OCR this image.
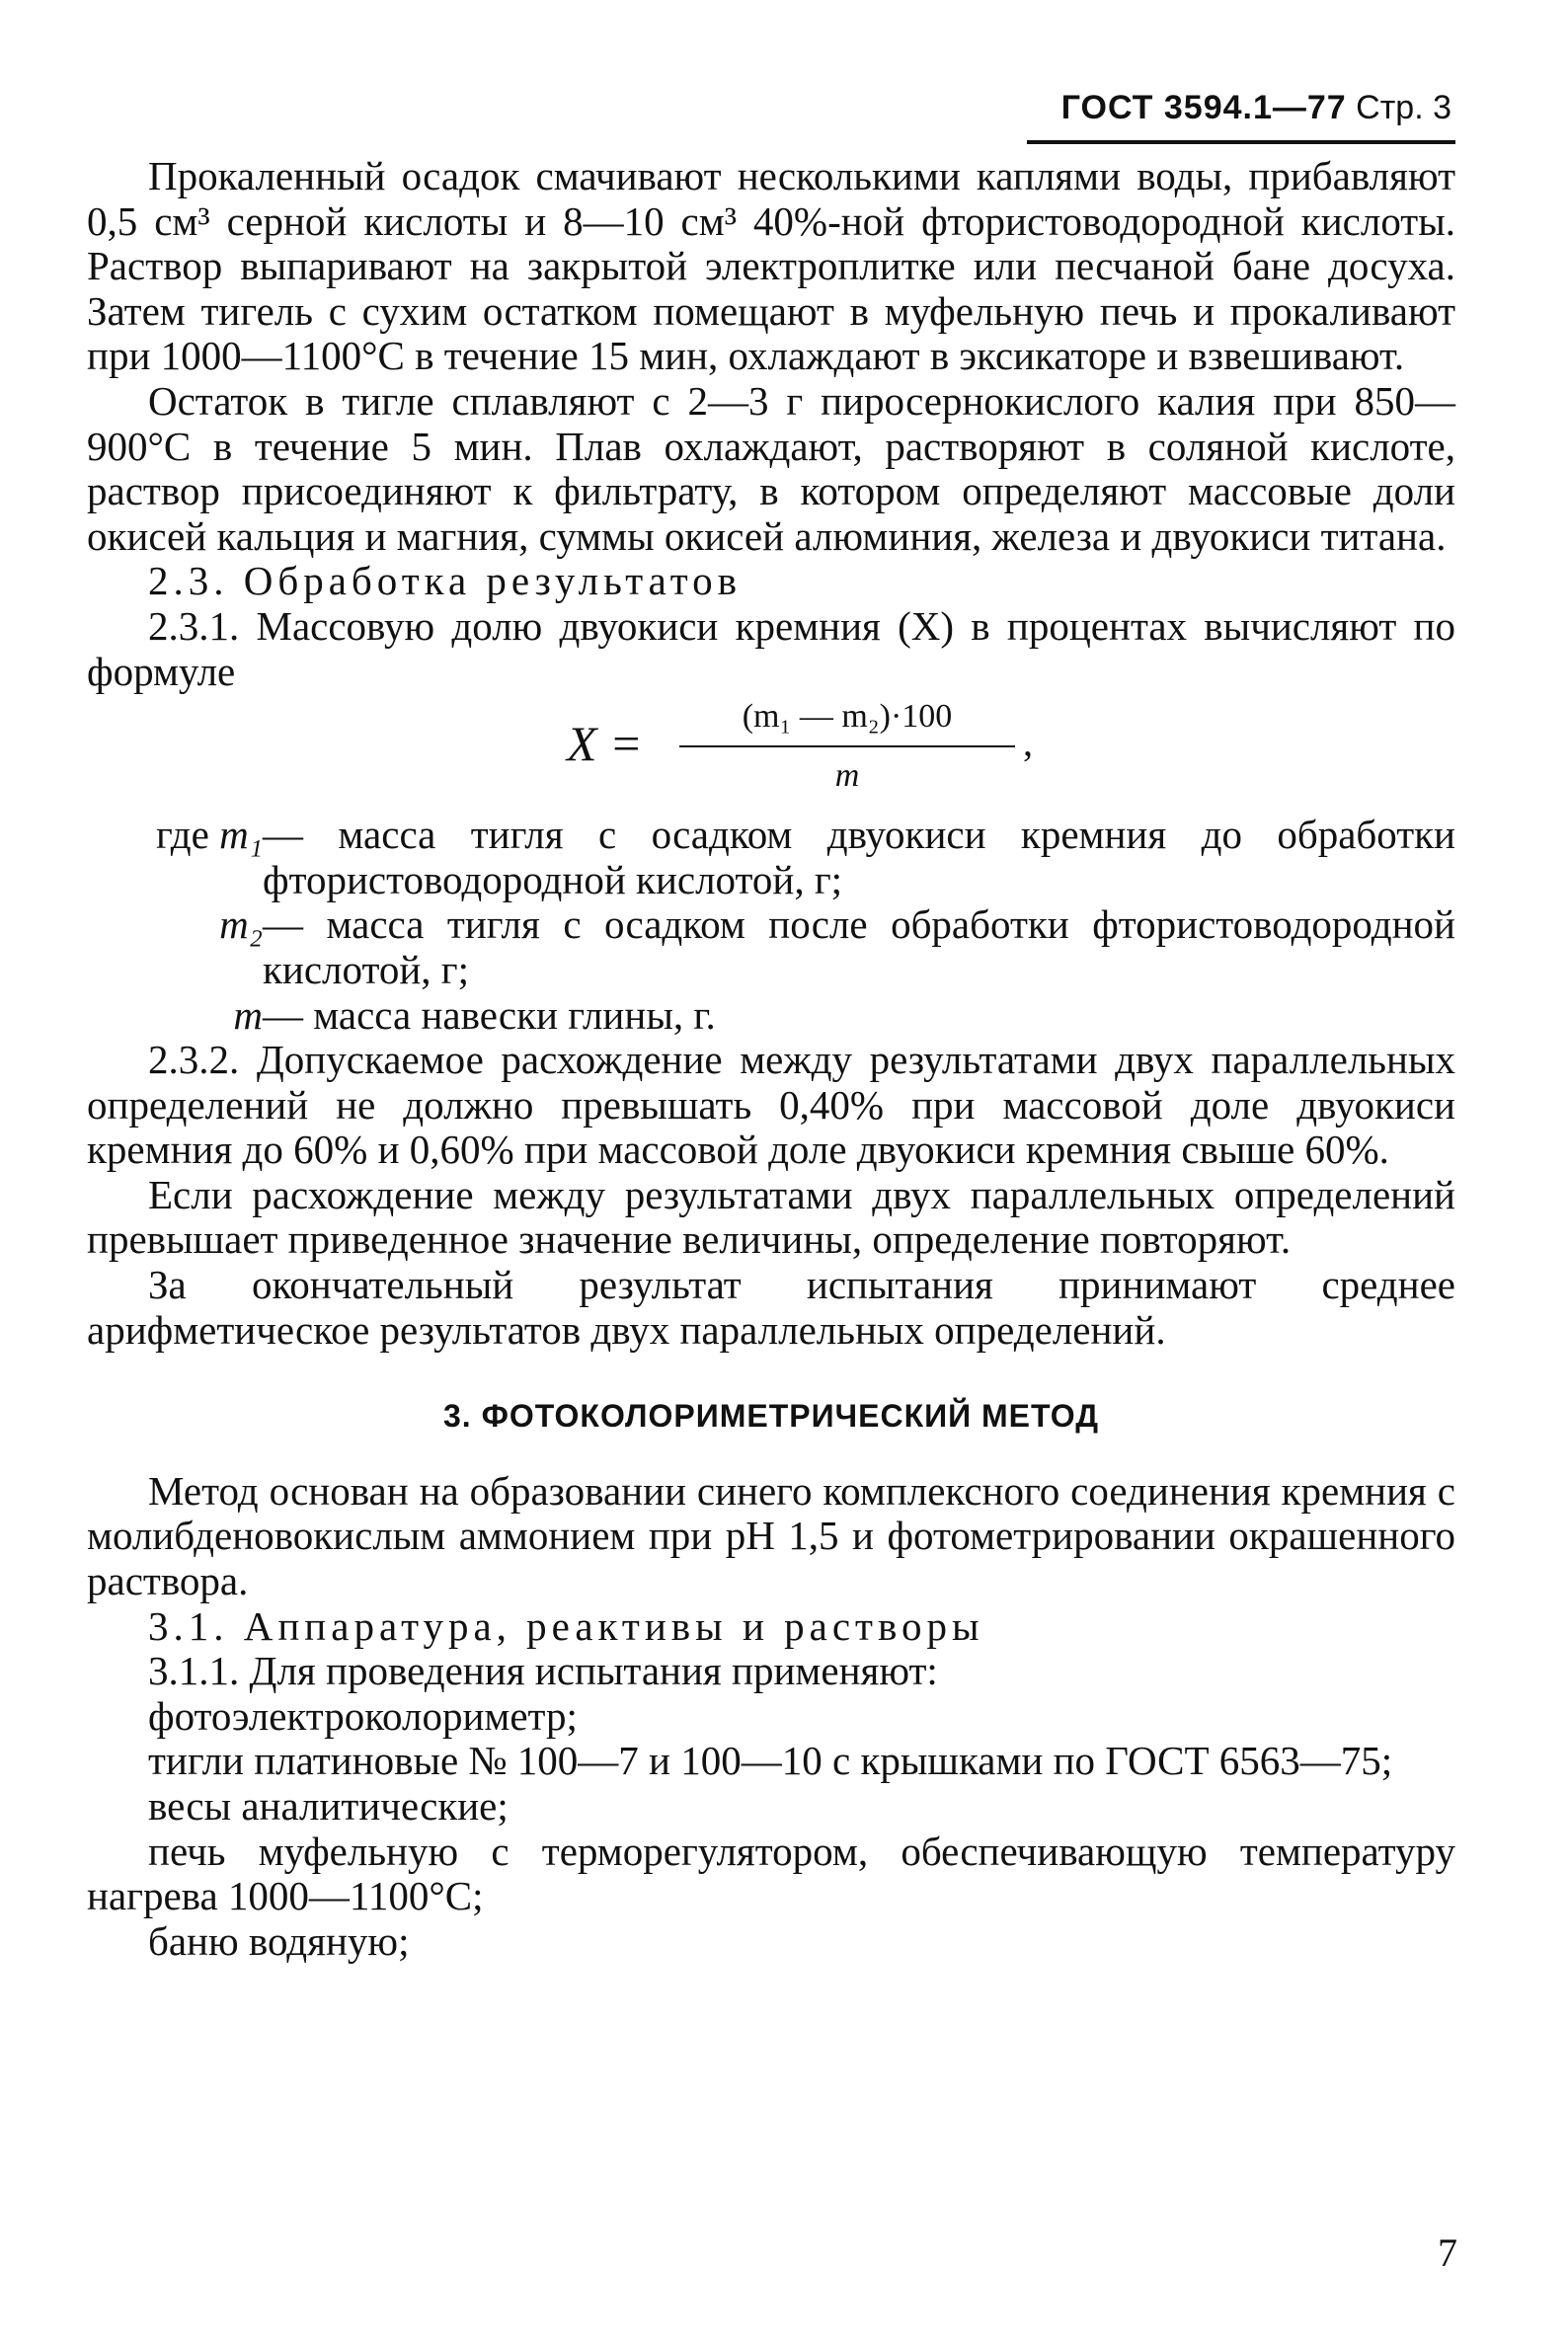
ГОСТ 3594.1—77 Стр. 3

Прокаленный осадок смачивают несколькими каплями воды, прибавляют 0,5 см³ серной кислоты и 8—10 см³ 40%-ной фтористоводородной кислоты. Раствор выпаривают на закрытой электроплитке или песчаной бане досуха. Затем тигель с сухим остатком помещают в муфельную печь и прокаливают при 1000—1100°С в течение 15 мин, охлаждают в эксикаторе и взвешивают.

Остаток в тигле сплавляют с 2—3 г пиросернокислого калия при 850—900°С в течение 5 мин. Плав охлаждают, растворяют в соляной кислоте, раствор присоединяют к фильтрату, в котором определяют массовые доли окисей кальция и магния, суммы окисей алюминия, железа и двуокиси титана.

2.3. Обработка результатов

2.3.1. Массовую долю двуокиси кремния (X) в процентах вычисляют по формуле

X =	(m₁ — m₂)·100
m
,
где m₁ — масса тигля с осадком двуокиси кремния до обработки фтористоводородной кислотой, г;
m₂ — масса тигля с осадком после обработки фтористоводородной кислотой, г;
m — масса навески глины, г.

2.3.2. Допускаемое расхождение между результатами двух параллельных определений не должно превышать 0,40% при массовой доле двуокиси кремния до 60% и 0,60% при массовой доле двуокиси кремния свыше 60%.

Если расхождение между результатами двух параллельных определений превышает приведенное значение величины, определение повторяют.

За окончательный результат испытания принимают среднее арифметическое результатов двух параллельных определений.

3. ФОТОКОЛОРИМЕТРИЧЕСКИЙ МЕТОД

Метод основан на образовании синего комплексного соединения кремния с молибденовокислым аммонием при рН 1,5 и фотометрировании окрашенного раствора.

3.1. Аппаратура, реактивы и растворы

3.1.1. Для проведения испытания применяют:

фотоэлектроколориметр;

тигли платиновые № 100—7 и 100—10 с крышками по ГОСТ 6563—75;

весы аналитические;

печь муфельную с терморегулятором, обеспечивающую температуру нагрева 1000—1100°С;

баню водяную;

7
